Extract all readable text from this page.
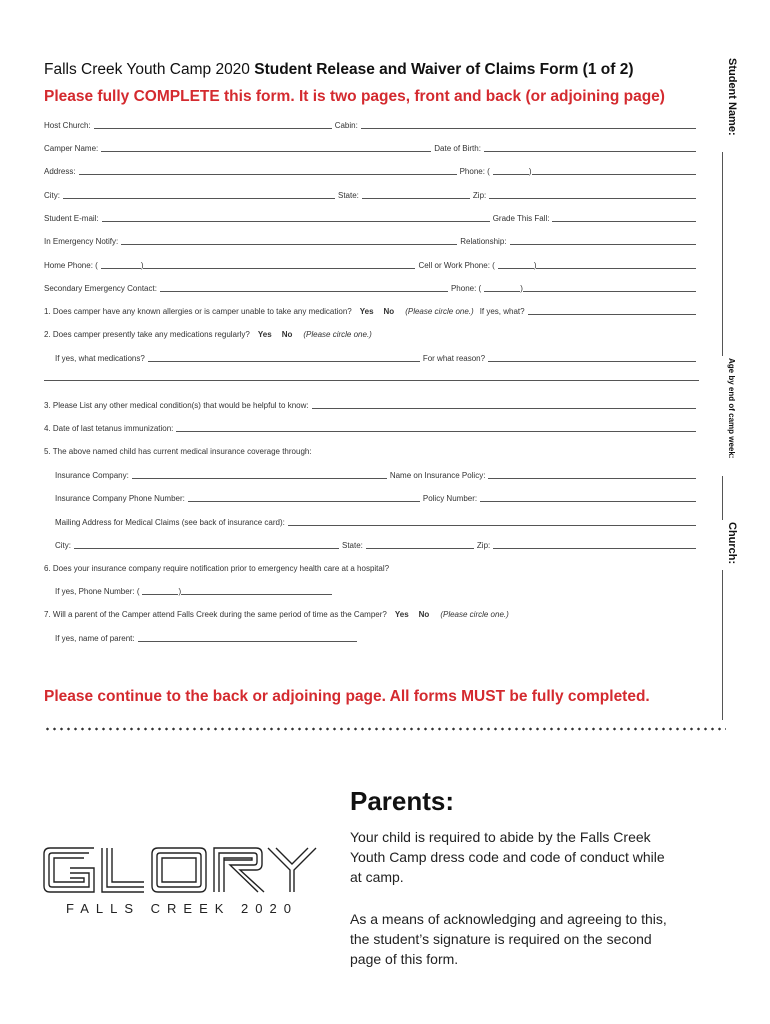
Falls Creek Youth Camp 2020 Student Release and Waiver of Claims Form (1 of 2)
Please fully COMPLETE this form. It is two pages, front and back (or adjoining page)
Host Church:	Cabin:
Camper Name:	Date of Birth:
Address:	Phone: (	)
City:	State:	Zip:
Student E-mail:	Grade This Fall:
In Emergency Notify:	Relationship:
Home Phone: (	)	Cell or Work Phone: (	)
Secondary Emergency Contact:	Phone: (	)
1. Does camper have any known allergies or is camper unable to take any medication?	Yes	No	(Please circle one.) If yes, what?
2. Does camper presently take any medications regularly?	Yes	No	(Please circle one.)
If yes, what medications?	For what reason?
3. Please List any other medical condition(s) that would be helpful to know:
4. Date of last tetanus immunization:
5. The above named child has current medical insurance coverage through:
Insurance Company:	Name on Insurance Policy:
Insurance Company Phone Number:	Policy Number:
Mailing Address for Medical Claims (see back of insurance card):
City:	State:	Zip:
6. Does your insurance company require notification prior to emergency health care at a hospital?
If yes, Phone Number: (	)
7. Will a parent of the Camper attend Falls Creek during the same period of time as the Camper?	Yes	No	(Please circle one.)
If yes, name of parent:
Please continue to the back or adjoining page. All forms MUST be fully completed.
Student Name:
Age by end of camp week:
Church:
FALLS CREEK 2020
Parents:
Your child is required to abide by the Falls Creek Youth Camp dress code and code of conduct while at camp.
As a means of acknowledging and agreeing to this, the student’s signature is required on the second page of this form.
